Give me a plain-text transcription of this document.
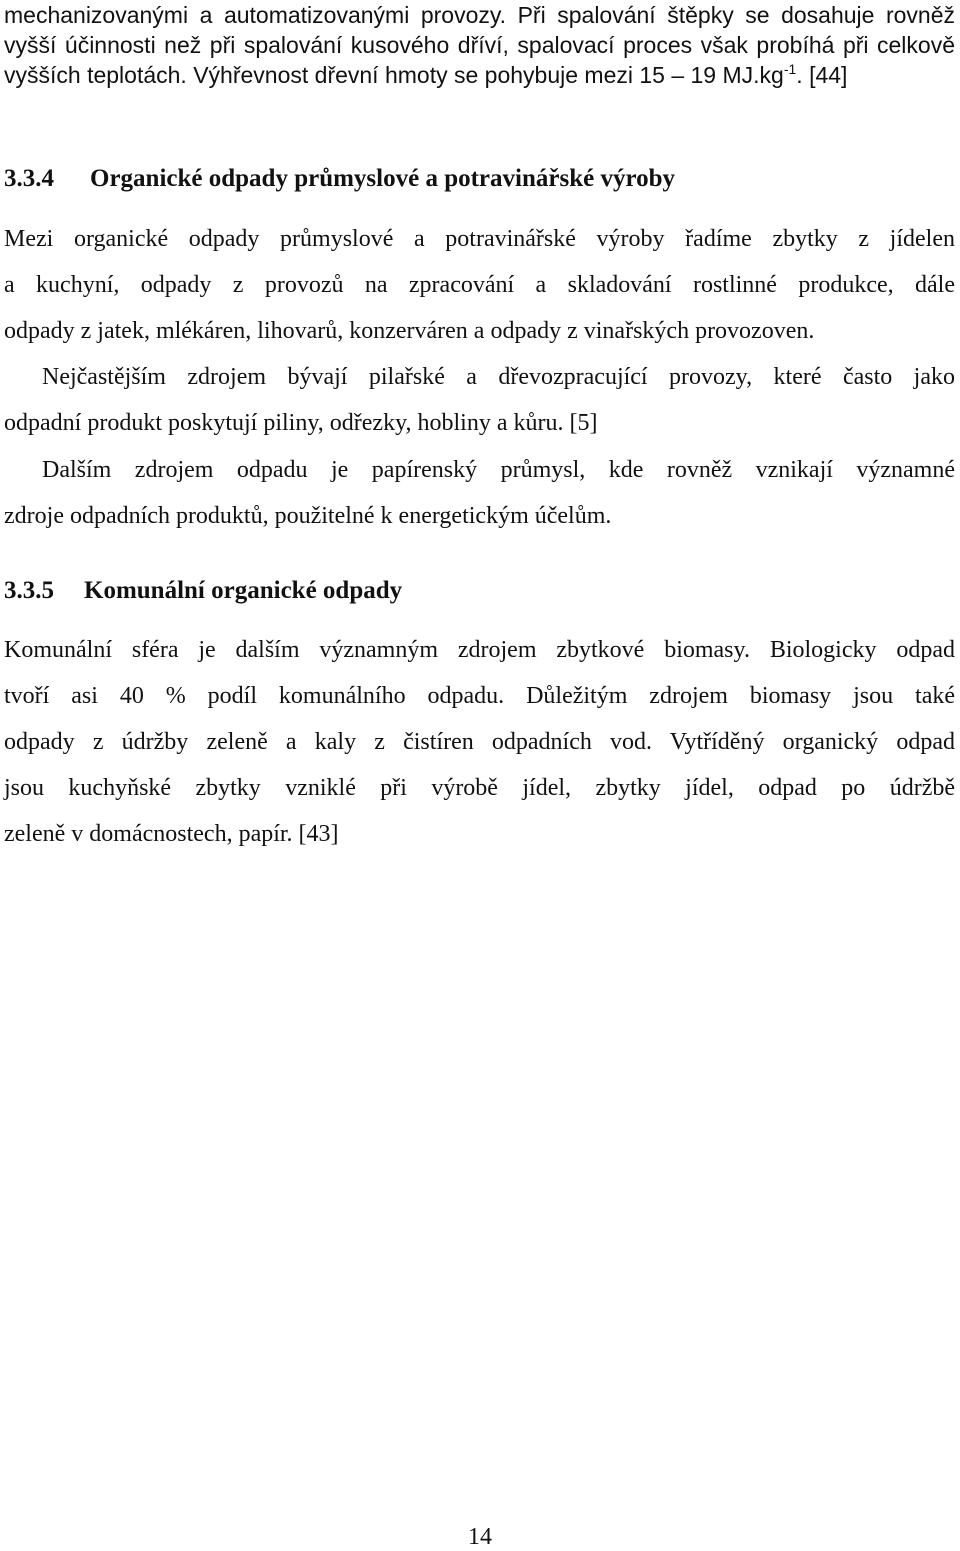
mechanizovanými a automatizovanými provozy. Při spalování štěpky se dosahuje rovněž
vyšší účinnosti než při spalování kusového dříví, spalovací proces však probíhá při celkově
vyšších teplotách. Výhřevnost dřevní hmoty se pohybuje mezi 15 – 19 $MJ.kg^{-1}$. [44]
3.3.4 Organické odpady průmyslové a potravinářské výroby
Mezi organické odpady průmyslové a potravinářské výroby řadíme zbytky z jídelen
a kuchyní, odpady z provozů na zpracování a skladování rostlinné produkce, dále
odpady z jatek, mlékáren, lihovarů, konzerváren a odpady z vinařských provozoven.
Nejčastějším zdrojem bývají pilařské a dřevozpracující provozy, které často jako
odpadní produkt poskytují piliny, odřezky, hobliny a kůru. [5]
Dalším zdrojem odpadu je papírenský průmysl, kde rovněž vznikají významné
zdroje odpadních produktů, použitelné k energetickým účelům.
3.3.5 Komunální organické odpady
Komunální sféra je dalším významným zdrojem zbytkové biomasy. Biologicky odpad
tvoří asi 40 % podíl komunálního odpadu. Důležitým zdrojem biomasy jsou také
odpady z údržby zeleně a kaly z čistíren odpadních vod. Vytříděný organický odpad
jsou kuchyňské zbytky vzniklé při výrobě jídel, zbytky jídel, odpad po údržbě
zeleně v domácnostech, papír. [43]
14
